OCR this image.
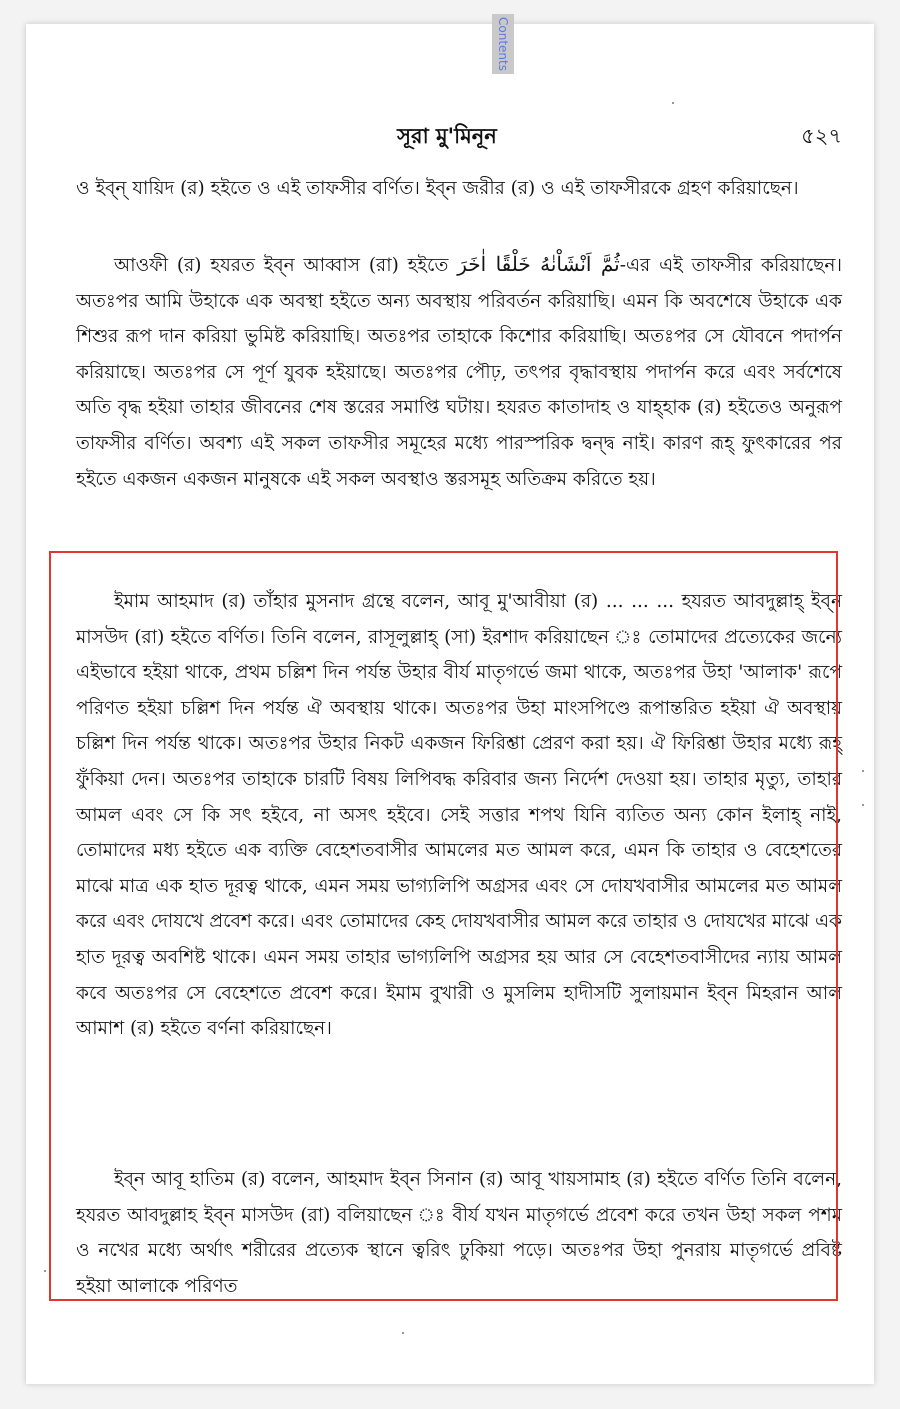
সূরা মু'মিনূন	৫২৭

ও ইব্‌ন্ যায়িদ (র) হইতে ও এই তাফসীর বর্ণিত। ইব্‌ন জরীর (র) ও এই তাফসীরকে গ্রহণ করিয়াছেন।

আওফী (র) হযরত ইব্‌ন আব্বাস (রা) হইতে ثُمَّ اَنْشَاْنٰهُ خَلْقًا اٰخَرَ-এর এই তাফসীর করিয়াছেন। অতঃপর আমি উহাকে এক অবস্থা হইতে অন্য অবস্থায় পরিবর্তন করিয়াছি। এমন কি অবশেষে উহাকে এক শিশুর রূপ দান করিয়া ভুমিষ্ট করিয়াছি। অতঃপর তাহাকে কিশোর করিয়াছি। অতঃপর সে যৌবনে পদার্পন করিয়াছে। অতঃপর সে পূর্ণ যুবক হইয়াছে। অতঃপর পৌঢ়, তৎপর বৃদ্ধাবস্থায় পদার্পন করে এবং সর্বশেষে অতি বৃদ্ধ হইয়া তাহার জীবনের শেষ স্তরের সমাপ্তি ঘটায়। হযরত কাতাদাহ ও যাহ্হাক (র) হইতেও অনুরূপ তাফসীর বর্ণিত। অবশ্য এই সকল তাফসীর সমূহের মধ্যে পারস্পরিক দ্বন্দ্ব নাই। কারণ রূহ্ ফুৎকারের পর হইতে একজন একজন মানুষকে এই সকল অবস্থাও স্তরসমূহ অতিক্রম করিতে হয়।

ইমাম আহমাদ (র) তাঁহার মুসনাদ গ্রন্থে বলেন, আবূ মু'আবীয়া (র) ... ... ... হযরত আবদুল্লাহ্ ইব্‌ন মাসউদ (রা) হইতে বর্ণিত। তিনি বলেন, রাসূলুল্লাহ্ (সা) ইরশাদ করিয়াছেন ঃ তোমাদের প্রত্যেকের জন্যে এইভাবে হইয়া থাকে, প্রথম চল্লিশ দিন পর্যন্ত উহার বীর্য মাতৃগর্ভে জমা থাকে, অতঃপর উহা 'আলাক' রূপে পরিণত হইয়া চল্লিশ দিন পর্যন্ত ঐ অবস্থায় থাকে। অতঃপর উহা মাংসপিণ্ডে রূপান্তরিত হইয়া ঐ অবস্থায় চল্লিশ দিন পর্যন্ত থাকে। অতঃপর উহার নিকট একজন ফিরিশ্তা প্রেরণ করা হয়। ঐ ফিরিশ্তা উহার মধ্যে রূহ্ ফুঁকিয়া দেন। অতঃপর তাহাকে চারটি বিষয় লিপিবদ্ধ করিবার জন্য নির্দেশ দেওয়া হয়। তাহার মৃত্যু, তাহার আমল এবং সে কি সৎ হইবে, না অসৎ হইবে। সেই সত্তার শপথ যিনি ব্যতিত অন্য কোন ইলাহ্ নাই, তোমাদের মধ্য হইতে এক ব্যক্তি বেহেশতবাসীর আমলের মত আমল করে, এমন কি তাহার ও বেহেশতের মাঝে মাত্র এক হাত দূরত্ব থাকে, এমন সময় ভাগ্যলিপি অগ্রসর এবং সে দোযখবাসীর আমলের মত আমল করে এবং দোযখে প্রবেশ করে। এবং তোমাদের কেহ দোযখবাসীর আমল করে তাহার ও দোযখের মাঝে এক হাত দূরত্ব অবশিষ্ট থাকে। এমন সময় তাহার ভাগ্যলিপি অগ্রসর হয় আর সে বেহেশতবাসীদের ন্যায় আমল কবে অতঃপর সে বেহেশতে প্রবেশ করে। ইমাম বুখারী ও মুসলিম হাদীসটি সুলায়মান ইব্‌ন মিহরান আল আমাশ (র) হইতে বর্ণনা করিয়াছেন।

ইব্‌ন আবূ হাতিম (র) বলেন, আহমাদ ইব্‌ন সিনান (র) আবূ খায়সামাহ (র) হইতে বর্ণিত তিনি বলেন, হযরত আবদুল্লাহ ইব্‌ন মাসউদ (রা) বলিয়াছেন ঃ বীর্য যখন মাতৃগর্ভে প্রবেশ করে তখন উহা সকল পশম ও নখের মধ্যে অর্থাৎ শরীরের প্রত্যেক স্থানে ত্বরিৎ ঢুকিয়া পড়ে। অতঃপর উহা পুনরায় মাতৃগর্ভে প্রবিষ্ট হইয়া আলাকে পরিণত

Contents
